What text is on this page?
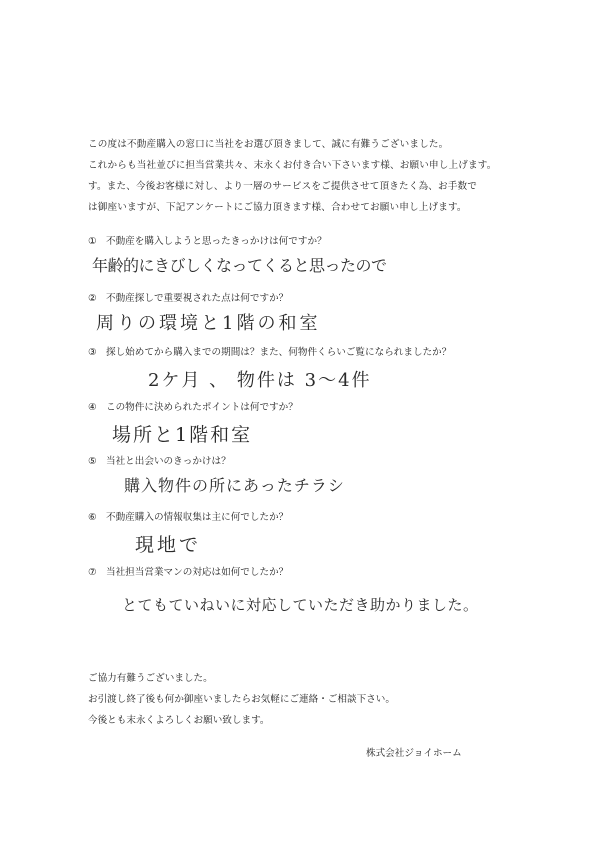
この度は不動産購入の窓口に当社をお選び頂きまして、誠に有難うございました。
これからも当社並びに担当営業共々、末永くお付き合い下さいます様、お願い申し上げます。
す。また、今後お客様に対し、より一層のサービスをご提供させて頂きたく為、お手数で
は御座いますが、下記アンケートにご協力頂きます様、合わせてお願い申し上げます。
① 不動産を購入しようと思ったきっかけは何ですか？
年齢的にきびしくなってくると思ったので
② 不動産探しで重要視された点は何ですか？
周りの環境と1階の和室
③ 探し始めてから購入までの期間は？また、何物件くらいご覧になられましたか？
2ケ月 、 物件は 3〜4件
④ この物件に決められたポイントは何ですか？
場所と1階和室
⑤ 当社と出会いのきっかけは？
購入物件の所にあったチラシ
⑥ 不動産購入の情報収集は主に何でしたか？
現地で
⑦ 当社担当営業マンの対応は如何でしたか？
とてもていねいに対応していただき助かりました。
ご協力有難うございました。
お引渡し終了後も何か御座いましたらお気軽にご連絡・ご相談下さい。
今後とも末永くよろしくお願い致します。
株式会社ジョイホーム
